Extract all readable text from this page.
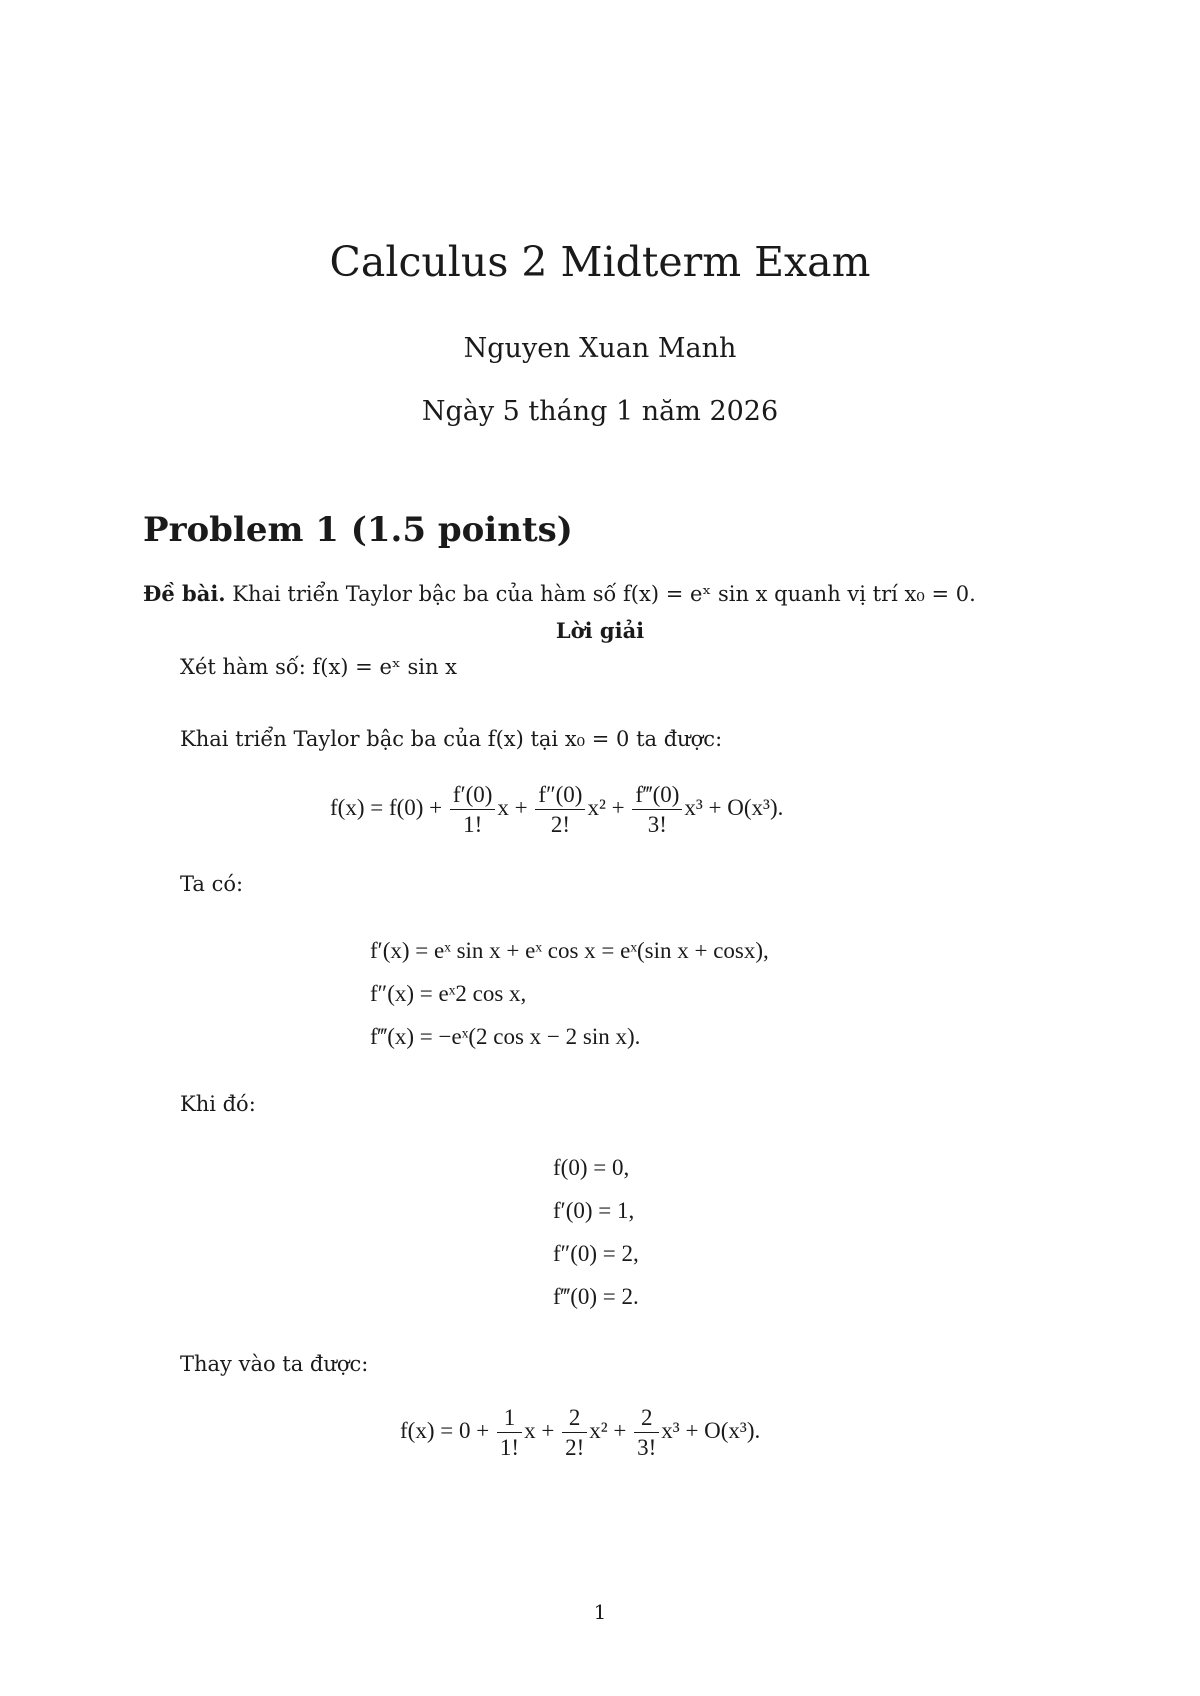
Calculus 2 Midterm Exam
Nguyen Xuan Manh
Ngày 5 tháng 1 năm 2026
Problem 1 (1.5 points)
Đề bài. Khai triển Taylor bậc ba của hàm số f(x) = eˣ sin x quanh vị trí x₀ = 0.
Lời giải
Xét hàm số: f(x) = eˣ sin x
Khai triển Taylor bậc ba của f(x) tại x₀ = 0 ta được:
$f(x) = f(0) + \frac{f'(0)}{1!}$ $x + \frac{f''(0)}{2!} x^2 + \frac{f‴(0)}{3!} x^3 + O(x^3)$.
Ta có:
f′(x) = eˣ sin x + eˣ cos x = eˣ(sin x + cosx),
f″(x) = eˣ2 cos x,
f‴(x) = −eˣ(2 cos x − 2 sin x).
Khi đó:
f(0) = 0,
f′(0) = 1,
f″(0) = 2,
f‴(0) = 2.
Thay vào ta được:
$f(x) = 0 + \frac{1}{1!}$ $x + \frac{2}{2!} x^2 + \frac{2}{3!} x^3 + O(x^3)$.
1
